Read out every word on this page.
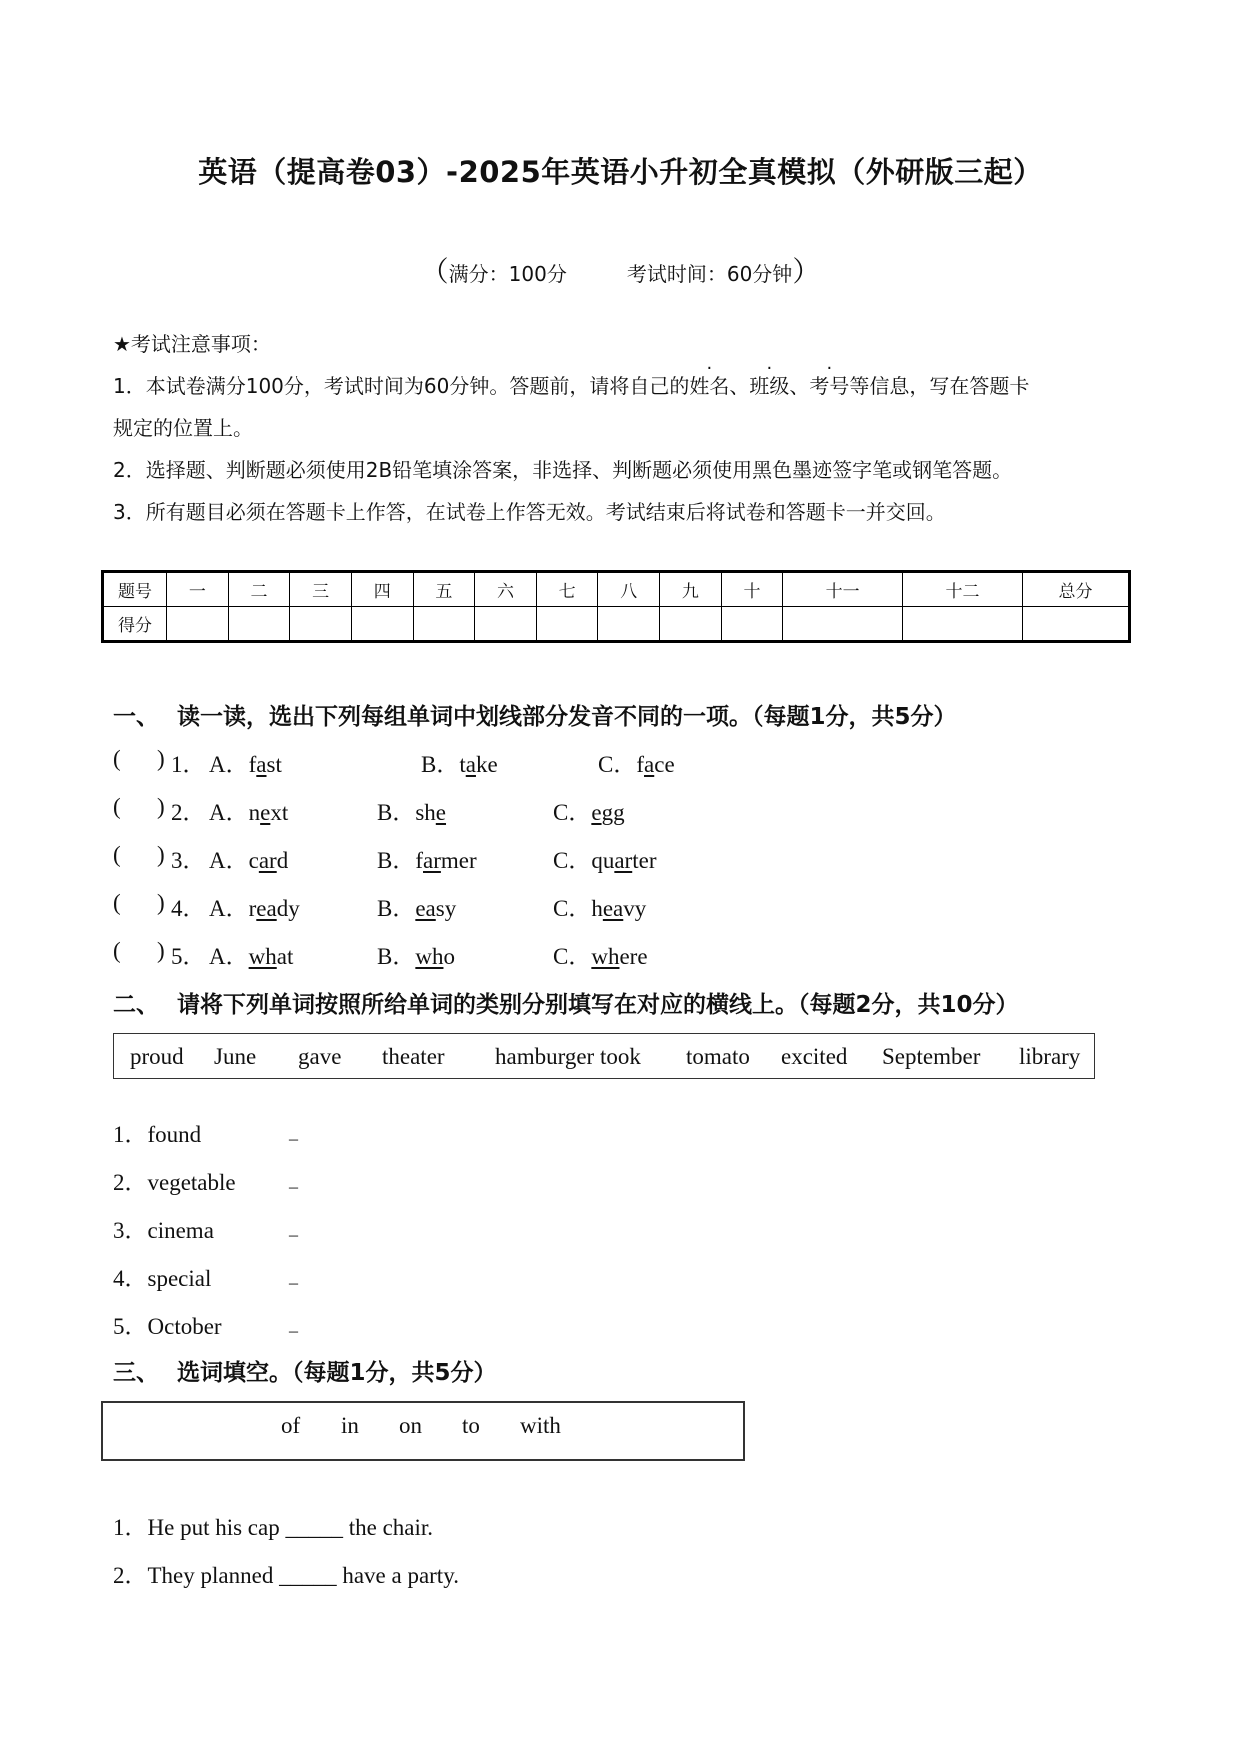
英语（提高卷03）-2025年英语小升初全真模拟（外研版三起）
（满分：100分	考试时间：60分钟）
★考试注意事项：
1．本试卷满分100分，考试时间为60分钟。答题前，请将自己的姓名、班级、考号等信息，写在答题卡
规定的位置上。
2．选择题、判断题必须使用2B铅笔填涂答案，非选择、判断题必须使用黑色墨迹签字笔或钢笔答题。
3．所有题目必须在答题卡上作答，在试卷上作答无效。考试结束后将试卷和答题卡一并交回。
题号	一	二	三	四	五	六	七	八	九	十	十一	十二	总分
得分													
一、 读一读，选出下列每组单词中划线部分发音不同的一项。（每题1分，共5分）
( ) 1． A．fast	B．take	C．face
( ) 2． A．next	B．she	C．egg
( ) 3． A．card	B．farmer	C．quarter
( ) 4． A．ready	B．easy	C．heavy
( ) 5． A．what	B．who	C．where
二、 请将下列单词按照所给单词的类别分别填写在对应的横线上。（每题2分，共10分）
proud June gave theater hamburger took tomato excited September library
1．found	_
2．vegetable	_
3．cinema	_
4．special	_
5．October	_
三、 选词填空。（每题1分，共5分）
of in on to with
1．He put his cap _____ the chair.
2．They planned _____ have a party.
